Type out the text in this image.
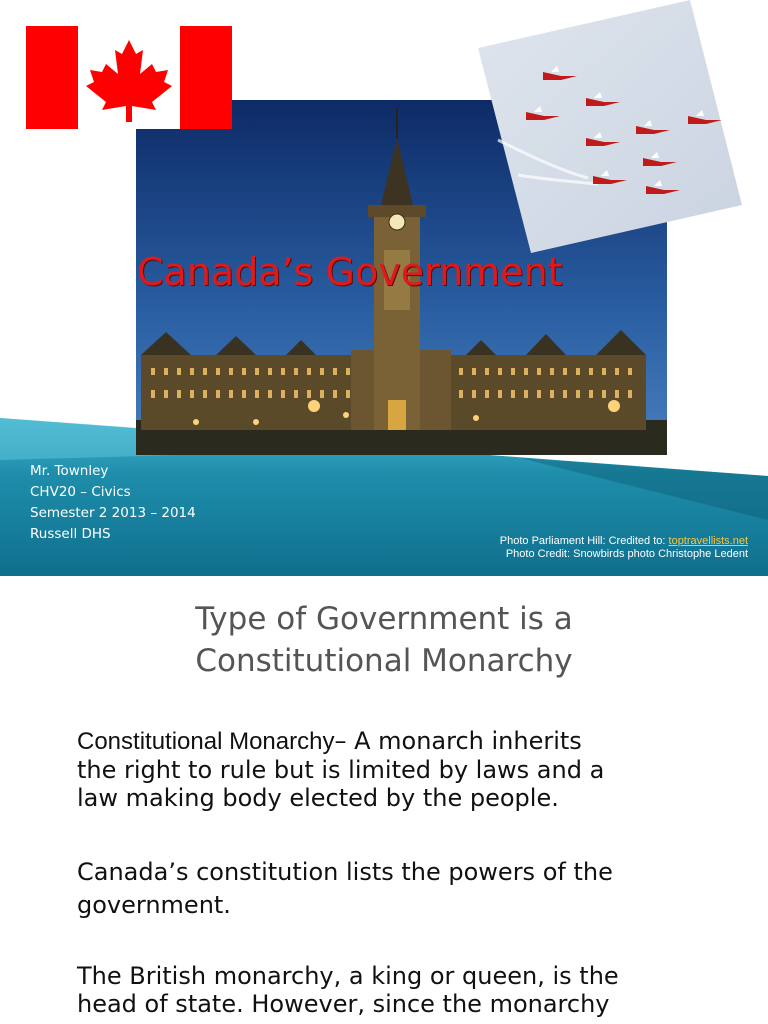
Canada’s Government
Mr. Townley
CHV20 – Civics
Semester 2 2013 – 2014
Russell DHS	Photo Parliament Hill: Credited to: toptravellists.net
Photo Credit: Snowbirds photo Christophe Ledent
Type of Government is a
Constitutional Monarchy
Constitutional Monarchy– A monarch inherits
the right to rule but is limited by laws and a
law making body elected by the people.
Canada’s constitution lists the powers of the
government.
The British monarchy, a king or queen, is the
head of state. However, since the monarchy
